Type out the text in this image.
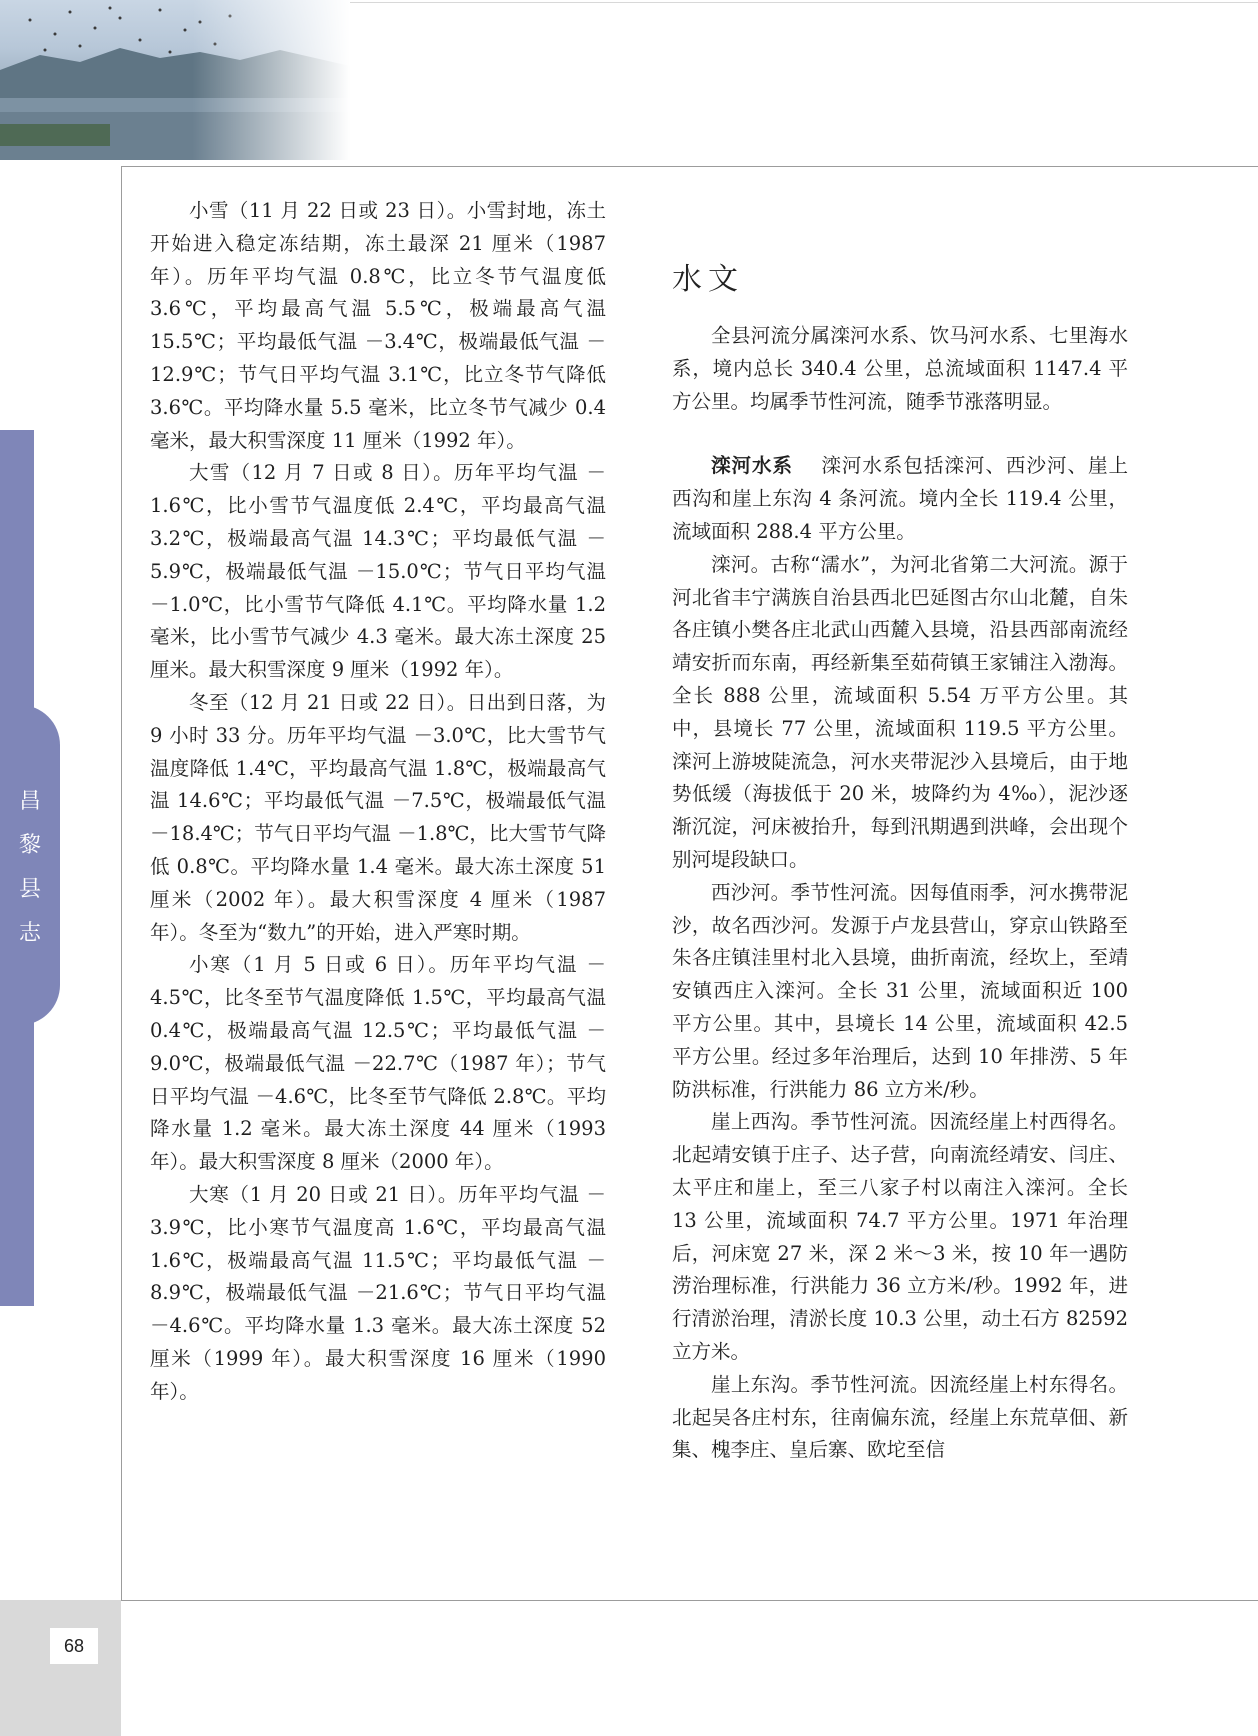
昌
黎
县
志

小雪（11 月 22 日或 23 日）。小雪封地，冻土开始进入稳定冻结期，冻土最深 21 厘米（1987 年）。历年平均气温 0.8℃，比立冬节气温度低 3.6℃，平均最高气温 5.5℃，极端最高气温 15.5℃；平均最低气温 －3.4℃，极端最低气温 －12.9℃；节气日平均气温 3.1℃，比立冬节气降低 3.6℃。平均降水量 5.5 毫米，比立冬节气减少 0.4 毫米，最大积雪深度 11 厘米（1992 年）。

大雪（12 月 7 日或 8 日）。历年平均气温 －1.6℃，比小雪节气温度低 2.4℃，平均最高气温 3.2℃，极端最高气温 14.3℃；平均最低气温 －5.9℃，极端最低气温 －15.0℃；节气日平均气温 －1.0℃，比小雪节气降低 4.1℃。平均降水量 1.2 毫米，比小雪节气减少 4.3 毫米。最大冻土深度 25 厘米。最大积雪深度 9 厘米（1992 年）。

冬至（12 月 21 日或 22 日）。日出到日落，为 9 小时 33 分。历年平均气温 －3.0℃，比大雪节气温度降低 1.4℃，平均最高气温 1.8℃，极端最高气温 14.6℃；平均最低气温 －7.5℃，极端最低气温 －18.4℃；节气日平均气温 －1.8℃，比大雪节气降低 0.8℃。平均降水量 1.4 毫米。最大冻土深度 51 厘米（2002 年）。最大积雪深度 4 厘米（1987 年）。冬至为“数九”的开始，进入严寒时期。

小寒（1 月 5 日或 6 日）。历年平均气温 －4.5℃，比冬至节气温度降低 1.5℃，平均最高气温 0.4℃，极端最高气温 12.5℃；平均最低气温 －9.0℃，极端最低气温 －22.7℃（1987 年）；节气日平均气温 －4.6℃，比冬至节气降低 2.8℃。平均降水量 1.2 毫米。最大冻土深度 44 厘米（1993 年）。最大积雪深度 8 厘米（2000 年）。

大寒（1 月 20 日或 21 日）。历年平均气温 －3.9℃，比小寒节气温度高 1.6℃，平均最高气温 1.6℃，极端最高气温 11.5℃；平均最低气温 －8.9℃，极端最低气温 －21.6℃；节气日平均气温 －4.6℃。平均降水量 1.3 毫米。最大冻土深度 52 厘米（1999 年）。最大积雪深度 16 厘米（1990 年）。

水文

全县河流分属滦河水系、饮马河水系、七里海水系，境内总长 340.4 公里，总流域面积 1147.4 平方公里。均属季节性河流，随季节涨落明显。

滦河水系 滦河水系包括滦河、西沙河、崖上西沟和崖上东沟 4 条河流。境内全长 119.4 公里，流域面积 288.4 平方公里。

滦河。古称“濡水”，为河北省第二大河流。源于河北省丰宁满族自治县西北巴延图古尔山北麓，自朱各庄镇小樊各庄北武山西麓入县境，沿县西部南流经靖安折而东南，再经新集至茹荷镇王家铺注入渤海。全长 888 公里，流域面积 5.54 万平方公里。其中，县境长 77 公里，流域面积 119.5 平方公里。滦河上游坡陡流急，河水夹带泥沙入县境后，由于地势低缓（海拔低于 20 米，坡降约为 4‰），泥沙逐渐沉淀，河床被抬升，每到汛期遇到洪峰，会出现个别河堤段缺口。

西沙河。季节性河流。因每值雨季，河水携带泥沙，故名西沙河。发源于卢龙县营山，穿京山铁路至朱各庄镇洼里村北入县境，曲折南流，经坎上，至靖安镇西庄入滦河。全长 31 公里，流域面积近 100 平方公里。其中，县境长 14 公里，流域面积 42.5 平方公里。经过多年治理后，达到 10 年排涝、5 年防洪标准，行洪能力 86 立方米/秒。

崖上西沟。季节性河流。因流经崖上村西得名。北起靖安镇于庄子、达子营，向南流经靖安、闫庄、太平庄和崖上，至三八家子村以南注入滦河。全长 13 公里，流域面积 74.7 平方公里。1971 年治理后，河床宽 27 米，深 2 米～3 米，按 10 年一遇防涝治理标准，行洪能力 36 立方米/秒。1992 年，进行清淤治理，清淤长度 10.3 公里，动土石方 82592 立方米。

崖上东沟。季节性河流。因流经崖上村东得名。北起吴各庄村东，往南偏东流，经崖上东荒草佃、新集、槐李庄、皇后寨、欧坨至信

68
